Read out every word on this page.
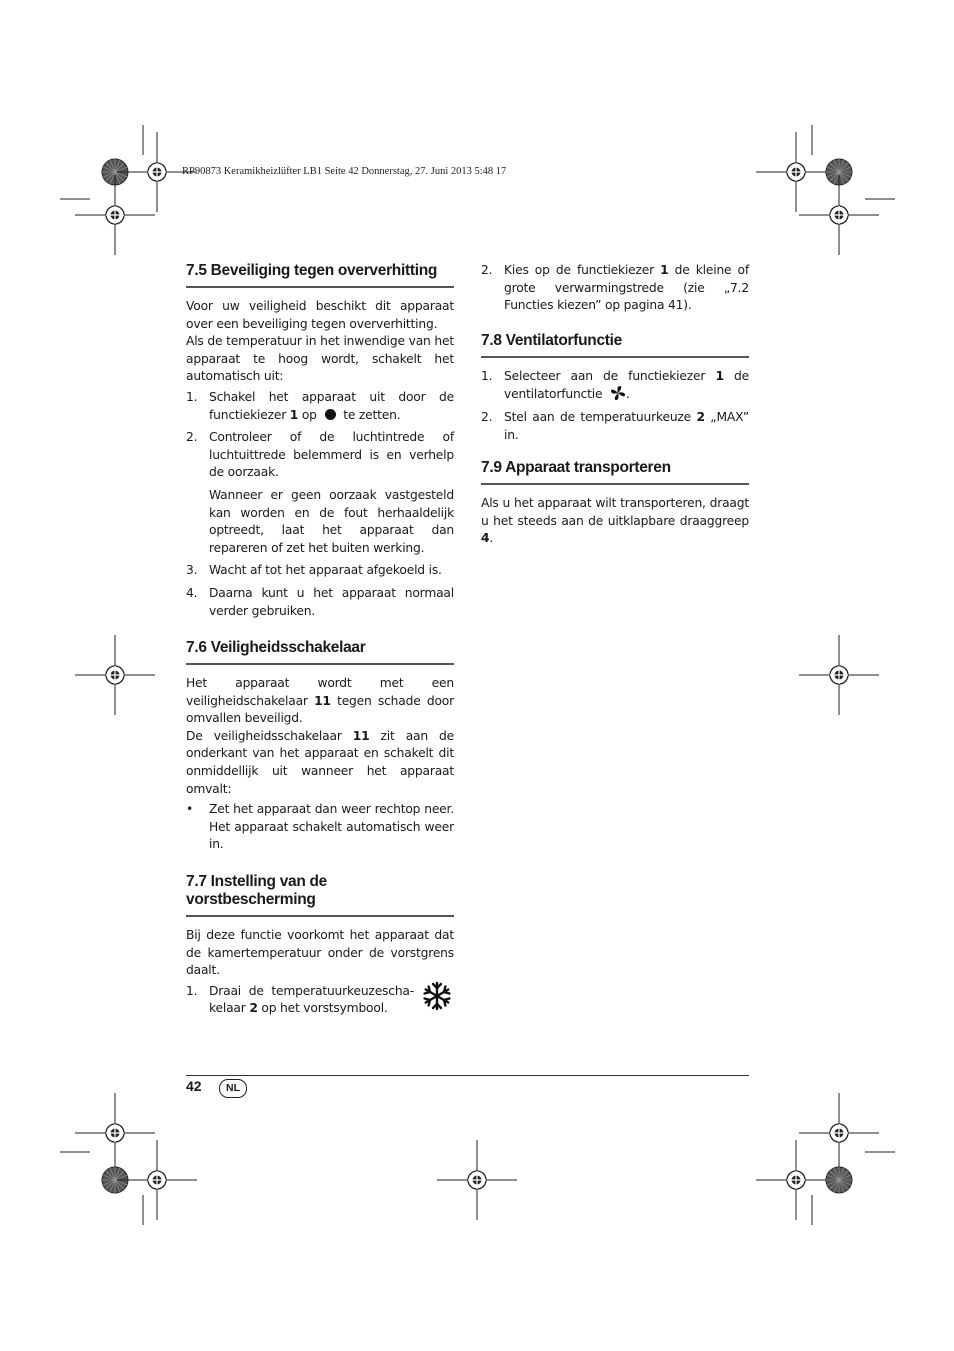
RP90873 Keramikheizlüfter LB1 Seite 42 Donnerstag, 27. Juni 2013 5:48 17
7.5 Beveiliging tegen oververhitting

Voor uw veiligheid beschikt dit apparaat over een beveiliging tegen oververhitting.

Als de temperatuur in het inwendige van het apparaat te hoog wordt, schakelt het automatisch uit:

1. Schakel het apparaat uit door de functiekiezer 1 op  te zetten.
2. Controleer of de luchtintrede of luchtuittrede belemmerd is en verhelp de oorzaak.
Wanneer er geen oorzaak vastgesteld kan worden en de fout herhaaldelijk optreedt, laat het apparaat dan repareren of zet het buiten werking.
3. Wacht af tot het apparaat afgekoeld is.
4. Daarna kunt u het apparaat normaal verder gebruiken.
7.6 Veiligheidsschakelaar

Het apparaat wordt met een veiligheidschakelaar 11 tegen schade door omvallen beveiligd.

De veiligheidsschakelaar 11 zit aan de onderkant van het apparaat en schakelt dit onmiddellijk uit wanneer het apparaat omvalt:

• Zet het apparaat dan weer rechtop neer. Het apparaat schakelt automatisch weer in.
7.7 Instelling van de vorstbescherming

Bij deze functie voorkomt het apparaat dat de kamertemperatuur onder de vorstgrens daalt.

1. Draai de temperatuurkeuzescha-kelaar 2 op het vorstsymbool.
2. Kies op de functiekiezer 1 de kleine of grote verwarmingstrede (zie „7.2 Functies kiezen” op pagina 41).
7.8 Ventilatorfunctie
1. Selecteer aan de functiekiezer 1 de ventilatorfunctie .
2. Stel aan de temperatuurkeuze 2 „MAX” in.
7.9 Apparaat transporteren

Als u het apparaat wilt transporteren, draagt u het steeds aan de uitklapbare draaggreep 4.

42	NL
